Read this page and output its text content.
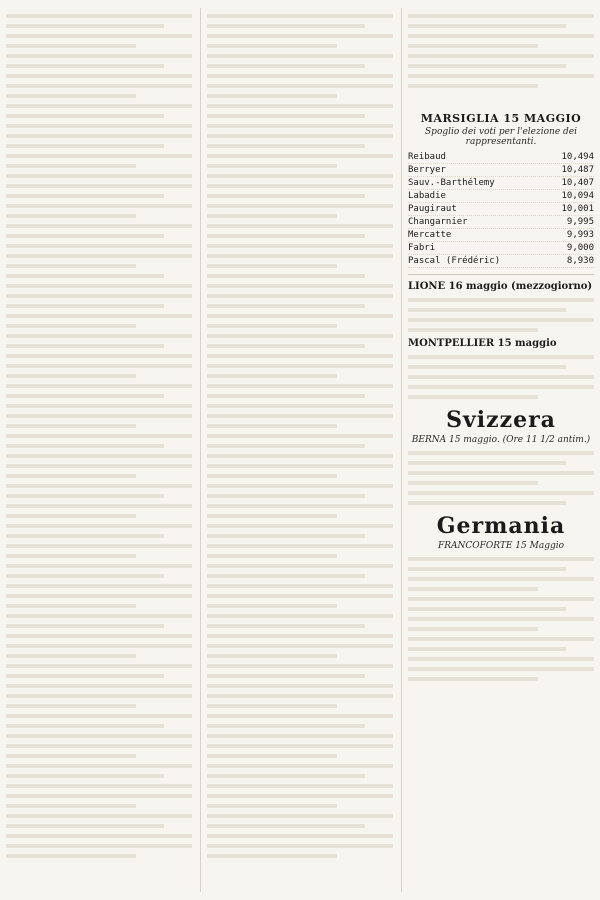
MARSIGLIA 15 MAGGIO
Spoglio dei voti per l'elezione dei rappresentanti.
Reibaud	10,494
Berryer	10,487
Sauv.-Barthélemy	10,407
Labadie	10,094
Paugiraut	10,001
Changarnier	9,995
Mercatte	9,993
Fabri	9,000
Pascal (Frédéric)	8,930
LIONE 16 maggio (mezzogiorno)
MONTPELLIER 15 maggio
Svizzera
BERNA 15 maggio. (Ore 11 1/2 antim.)
Germania
FRANCOFORTE 15 Maggio
